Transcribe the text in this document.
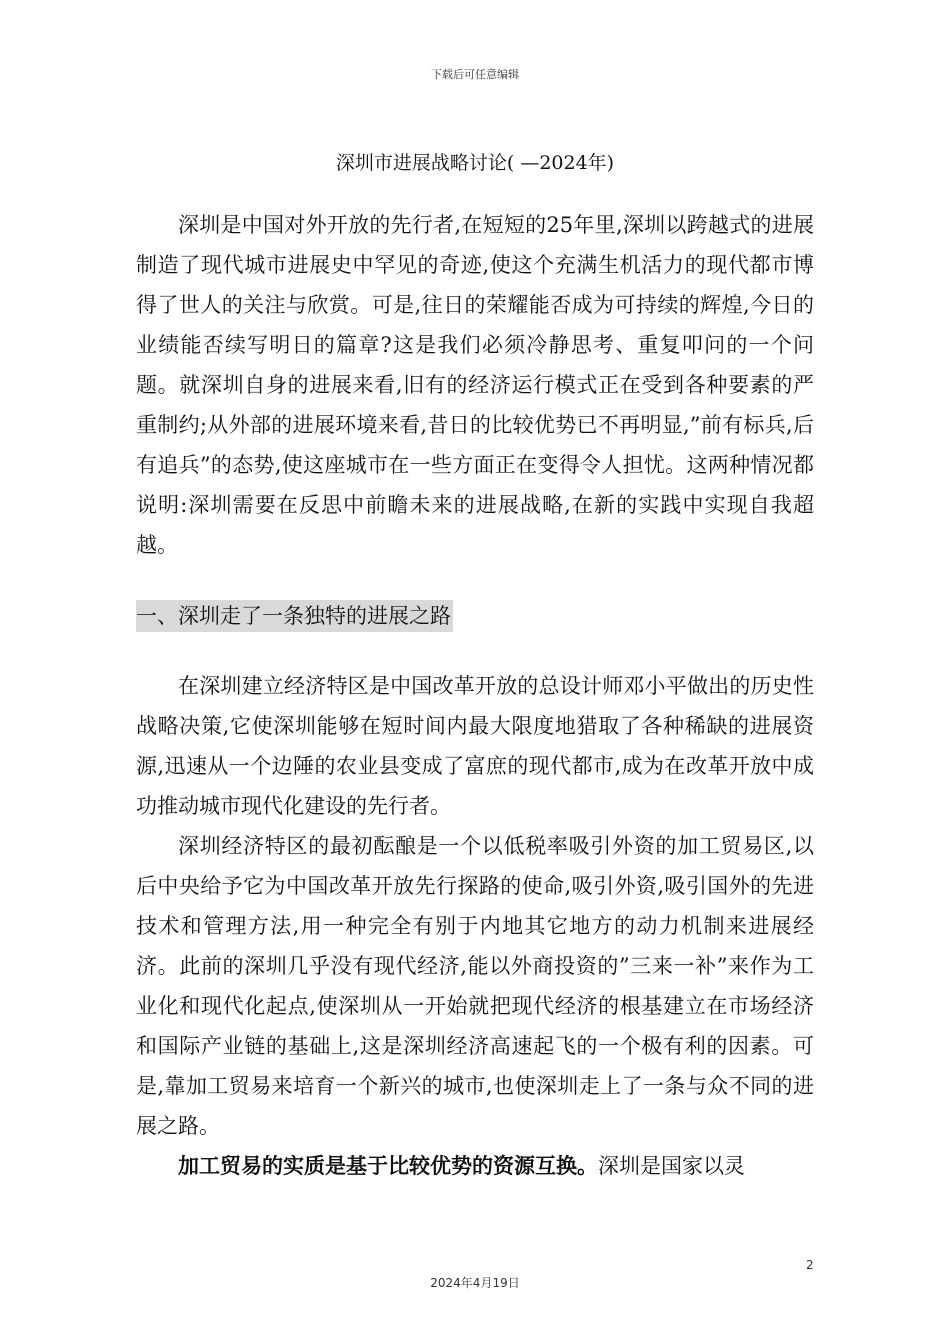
下载后可任意编辑
深圳市进展战略讨论( —2024年)

深圳是中国对外开放的先行者,在短短的25年里,深圳以跨越式的进展制造了现代城市进展史中罕见的奇迹,使这个充满生机活力的现代都市博得了世人的关注与欣赏。可是,往日的荣耀能否成为可持续的辉煌,今日的业绩能否续写明日的篇章?这是我们必须冷静思考、重复叩问的一个问题。就深圳自身的进展来看,旧有的经济运行模式正在受到各种要素的严重制约;从外部的进展环境来看,昔日的比较优势已不再明显,”前有标兵,后有追兵”的态势,使这座城市在一些方面正在变得令人担忧。这两种情况都说明:深圳需要在反思中前瞻未来的进展战略,在新的实践中实现自我超越。

一、深圳走了一条独特的进展之路

在深圳建立经济特区是中国改革开放的总设计师邓小平做出的历史性战略决策,它使深圳能够在短时间内最大限度地猎取了各种稀缺的进展资源,迅速从一个边陲的农业县变成了富庶的现代都市,成为在改革开放中成功推动城市现代化建设的先行者。

深圳经济特区的最初酝酿是一个以低税率吸引外资的加工贸易区,以后中央给予它为中国改革开放先行探路的使命,吸引外资,吸引国外的先进技术和管理方法,用一种完全有别于内地其它地方的动力机制来进展经济。此前的深圳几乎没有现代经济,能以外商投资的”三来一补”来作为工业化和现代化起点,使深圳从一开始就把现代经济的根基建立在市场经济和国际产业链的基础上,这是深圳经济高速起飞的一个极有利的因素。可是,靠加工贸易来培育一个新兴的城市,也使深圳走上了一条与众不同的进展之路。

加工贸易的实质是基于比较优势的资源互换。深圳是国家以灵

2
2024年4月19日
